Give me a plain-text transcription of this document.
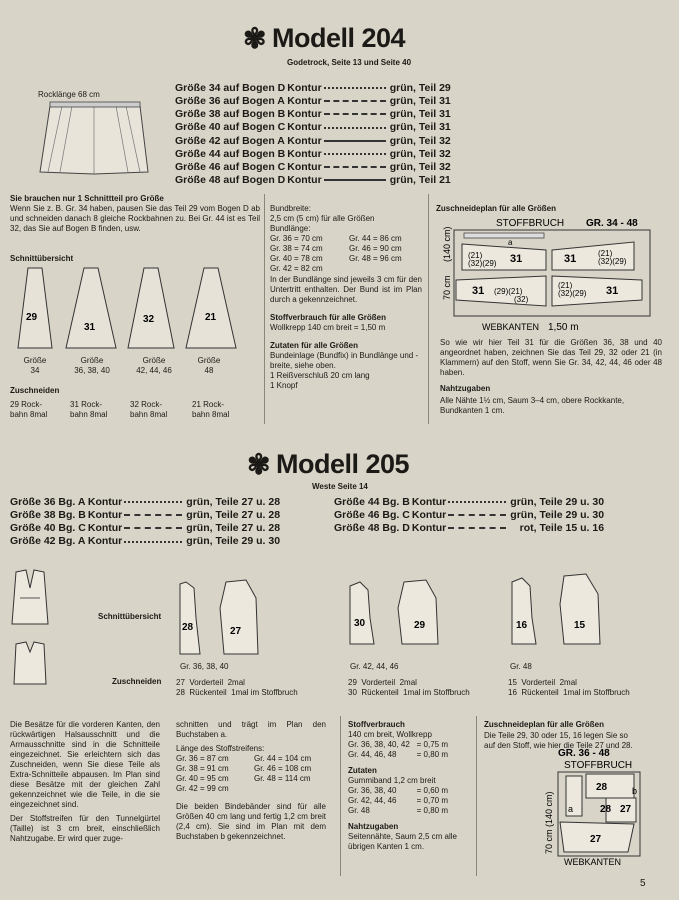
✾ Modell 204
Godetrock, Seite 13 und Seite 40
Rocklänge 68 cm
Größe 34 auf Bogen D	Kontur		grün, Teil 29
Größe 36 auf Bogen A	Kontur		grün, Teil 31
Größe 38 auf Bogen B	Kontur		grün, Teil 31
Größe 40 auf Bogen C	Kontur		grün, Teil 31
Größe 42 auf Bogen A	Kontur		grün, Teil 32
Größe 44 auf Bogen B	Kontur		grün, Teil 32
Größe 46 auf Bogen C	Kontur		grün, Teil 32
Größe 48 auf Bogen D	Kontur		grün, Teil 21
Sie brauchen nur 1 Schnittteil pro Größe
Wenn Sie z. B. Gr. 34 haben, pausen Sie das Teil 29 vom Bogen D ab und schneiden danach 8 gleiche Rockbahnen zu. Bei Gr. 44 ist es Teil 32, das Sie auf Bogen B finden, usw.
Schnittübersicht
29
31
32	21
Größe
34
Größe
36, 38, 40
Größe
42, 44, 46
Größe
48
Zuschneiden
29 Rock-
bahn 8mal
31 Rock-
bahn 8mal
32 Rock-
bahn 8mal
21 Rock-
bahn 8mal
Bundbreite:
2,5 cm (5 cm) für alle Größen
Bundlänge:
Gr. 36 = 70 cm	Gr. 44 = 86 cm
Gr. 38 = 74 cm	Gr. 46 = 90 cm
Gr. 40 = 78 cm	Gr. 48 = 96 cm
Gr. 42 = 82 cm
In der Bundlänge sind jeweils 3 cm für den Untertritt enthalten. Der Bund ist im Plan durch a gekennzeichnet.
Stoffverbrauch für alle Größen
Wollkrepp 140 cm breit = 1,50 m
Zutaten für alle Größen
Bundeinlage (Bundfix) in Bundlänge und -breite, siehe oben.
1 Reißverschluß 20 cm lang
1 Knopf
Zuschneideplan für alle Größen
STOFFBRUCH GR. 34 - 48
a
(21)
(32)(29) 31	31	(21)
(32)(29)
31 (29)(21)
(32)
(21)
(32)(29) 31
70 cm
(140 cm)
WEBKANTEN 1,50 m
So wie wir hier Teil 31 für die Größen 36, 38 und 40 angeordnet haben, zeichnen Sie das Teil 29, 32 oder 21 (in Klammern) auf den Stoff, wenn Sie Gr. 34, 42, 44, 46 oder 48 haben.
Nahtzugaben
Alle Nähte 1½ cm, Saum 3–4 cm, obere Rockkante, Bundkanten 1 cm.
✾ Modell 205
Weste Seite 14
Größe 36 Bg. A	Kontur		grün, Teile 27 u. 28
Größe 38 Bg. B	Kontur		grün, Teile 27 u. 28
Größe 40 Bg. C	Kontur		grün, Teile 27 u. 28
Größe 42 Bg. A	Kontur		grün, Teile 29 u. 30
Größe 44 Bg. B	Kontur		grün, Teile 29 u. 30
Größe 46 Bg. C	Kontur		grün, Teile 29 u. 30
Größe 48 Bg. D	Kontur		rot, Teile 15 u. 16
Schnittübersicht
Zuschneiden
28	27
30	29	16	15
Gr. 36, 38, 40
27  Vorderteil  2mal
28  Rückenteil  1mal im Stoffbruch
Gr. 42, 44, 46
29  Vorderteil  2mal
30  Rückenteil  1mal im Stoffbruch
Gr. 48
15  Vorderteil  2mal
16  Rückenteil  1mal im Stoffbruch

Die Besätze für die vorderen Kanten, den rückwärtigen Halsausschnitt und die Armausschnitte sind in die Schnitteile eingezeichnet. Sie erleichtern sich das Zuschneiden, wenn Sie diese Teile als Extra-Schnitteile abpausen. Im Plan sind diese Besätze mit der gleichen Zahl gekennzeichnet wie die Teile, in die sie eingezeichnet sind.

Der Stoffstreifen für den Tunnelgürtel (Taille) ist 3 cm breit, einschließlich Nahtzugabe. Er wird quer zuge-

schnitten und trägt im Plan den Buchstaben a.

Länge des Stoffstreifens:
Gr. 36 = 87 cm	Gr. 44 = 104 cm
Gr. 38 = 91 cm	Gr. 46 = 108 cm
Gr. 40 = 95 cm	Gr. 48 = 114 cm
Gr. 42 = 99 cm

Die beiden Bindebänder sind für alle Größen 40 cm lang und fertig 1,2 cm breit (2,4 cm). Sie sind im Plan mit dem Buchstaben b gekennzeichnet.

Stoffverbrauch
140 cm breit, Wollkrepp
Gr. 36, 38, 40, 42 = 0,75 m
Gr. 44, 46, 48	= 0,80 m
Zutaten
Gummiband 1,2 cm breit
Gr. 36, 38, 40	= 0,60 m
Gr. 42, 44, 46	= 0,70 m
Gr. 48	= 0,80 m
Nahtzugaben
Seitennähte, Saum 2,5 cm alle übrigen Kanten 1 cm.
Zuschneideplan für alle Größen
Die Teile 29, 30 oder 15, 16 legen Sie so auf den Stoff, wie hier die Teile 27 und 28.
GR. 36 - 48
STOFFBRUCH
28
28 27
27
a
b
70 cm (140 cm)
WEBKANTEN
5
